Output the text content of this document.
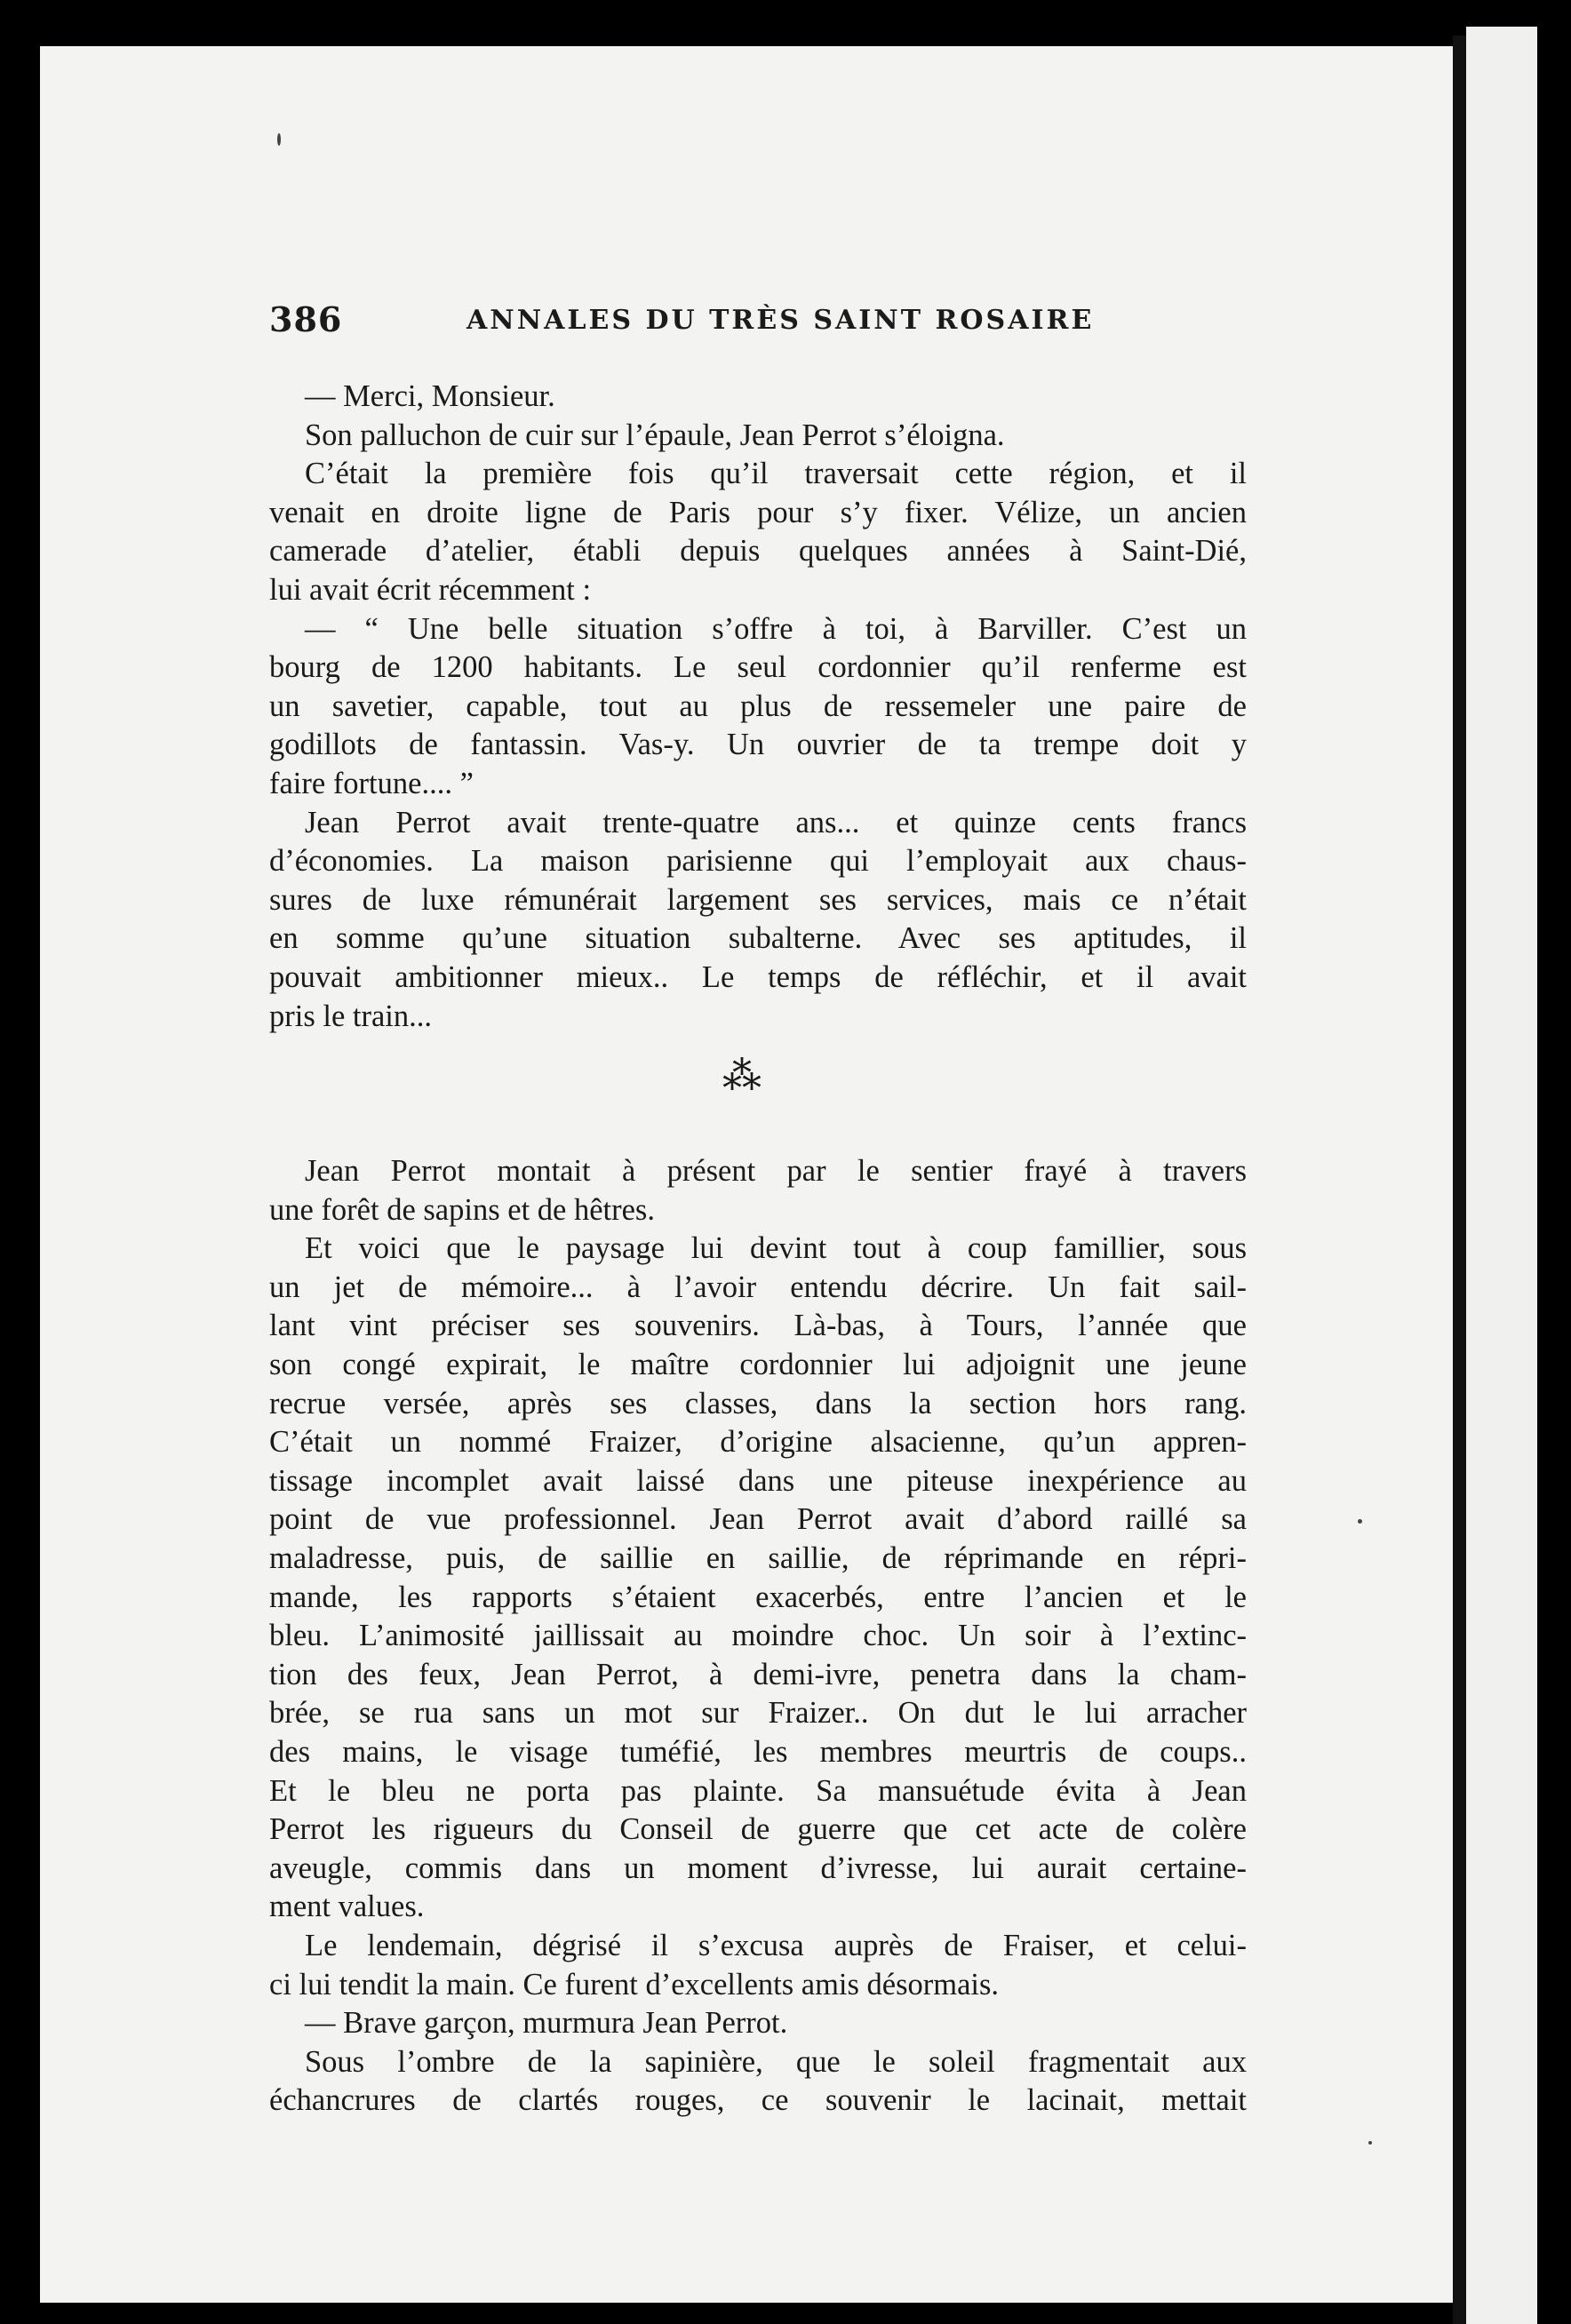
386	ANNALES DU TRÈS SAINT ROSAIRE
— Merci, Monsieur.
Son palluchon de cuir sur l’épaule, Jean Perrot s’éloigna.
C’était la première fois qu’il traversait cette région, et il
venait en droite ligne de Paris pour s’y fixer. Vélize, un ancien
camerade d’atelier, établi depuis quelques années à Saint-Dié,
lui avait écrit récemment :
— “ Une belle situation s’offre à toi, à Barviller. C’est un
bourg de 1200 habitants. Le seul cordonnier qu’il renferme est
un savetier, capable, tout au plus de ressemeler une paire de
godillots de fantassin. Vas-y. Un ouvrier de ta trempe doit y
faire fortune.... ”
Jean Perrot avait trente-quatre ans... et quinze cents francs
d’économies. La maison parisienne qui l’employait aux chaus-
sures de luxe rémunérait largement ses services, mais ce n’était
en somme qu’une situation subalterne. Avec ses aptitudes, il
pouvait ambitionner mieux.. Le temps de réfléchir, et il avait
pris le train...
⁂
Jean Perrot montait à présent par le sentier frayé à travers
une forêt de sapins et de hêtres.
Et voici que le paysage lui devint tout à coup famillier, sous
un jet de mémoire... à l’avoir entendu décrire. Un fait sail-
lant vint préciser ses souvenirs. Là-bas, à Tours, l’année que
son congé expirait, le maître cordonnier lui adjoignit une jeune
recrue versée, après ses classes, dans la section hors rang.
C’était un nommé Fraizer, d’origine alsacienne, qu’un appren-
tissage incomplet avait laissé dans une piteuse inexpérience au
point de vue professionnel. Jean Perrot avait d’abord raillé sa
maladresse, puis, de saillie en saillie, de réprimande en répri-
mande, les rapports s’étaient exacerbés, entre l’ancien et le
bleu. L’animosité jaillissait au moindre choc. Un soir à l’extinc-
tion des feux, Jean Perrot, à demi-ivre, penetra dans la cham-
brée, se rua sans un mot sur Fraizer.. On dut le lui arracher
des mains, le visage tuméfié, les membres meurtris de coups..
Et le bleu ne porta pas plainte. Sa mansuétude évita à Jean
Perrot les rigueurs du Conseil de guerre que cet acte de colère
aveugle, commis dans un moment d’ivresse, lui aurait certaine-
ment values.
Le lendemain, dégrisé il s’excusa auprès de Fraiser, et celui-
ci lui tendit la main. Ce furent d’excellents amis désormais.
— Brave garçon, murmura Jean Perrot.
Sous l’ombre de la sapinière, que le soleil fragmentait aux
échancrures de clartés rouges, ce souvenir le lacinait, mettait
